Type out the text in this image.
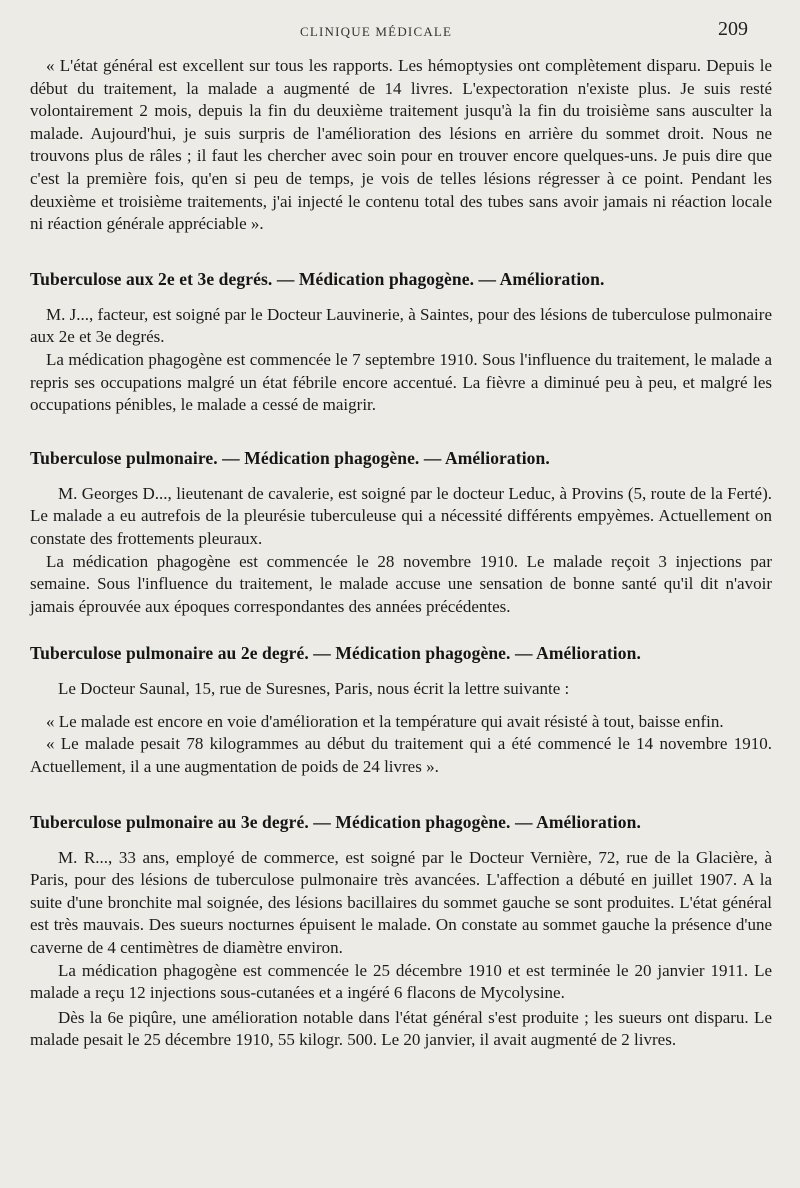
CLINIQUE MÉDICALE	209

« L'état général est excellent sur tous les rapports. Les hémoptysies ont complètement disparu. Depuis le début du traitement, la malade a augmenté de 14 livres. L'expectoration n'existe plus. Je suis resté volontairement 2 mois, depuis la fin du deuxième traitement jusqu'à la fin du troisième sans ausculter la malade. Aujourd'hui, je suis surpris de l'amélioration des lésions en arrière du sommet droit. Nous ne trouvons plus de râles ; il faut les chercher avec soin pour en trouver encore quelques-uns. Je puis dire que c'est la première fois, qu'en si peu de temps, je vois de telles lésions régresser à ce point. Pendant les deuxième et troisième traitements, j'ai injecté le contenu total des tubes sans avoir jamais ni réaction locale ni réaction générale appréciable ».

Tuberculose aux 2e et 3e degrés. — Médication phagogène. — Amélioration.

M. J..., facteur, est soigné par le Docteur Lauvinerie, à Saintes, pour des lésions de tuberculose pulmonaire aux 2e et 3e degrés.

La médication phagogène est commencée le 7 septembre 1910. Sous l'influence du traitement, le malade a repris ses occupations malgré un état fébrile encore accentué. La fièvre a diminué peu à peu, et malgré les occupations pénibles, le malade a cessé de maigrir.

Tuberculose pulmonaire. — Médication phagogène. — Amélioration.

M. Georges D..., lieutenant de cavalerie, est soigné par le docteur Leduc, à Provins (5, route de la Ferté). Le malade a eu autrefois de la pleurésie tuberculeuse qui a nécessité différents empyèmes. Actuellement on constate des frottements pleuraux.

La médication phagogène est commencée le 28 novembre 1910. Le malade reçoit 3 injections par semaine. Sous l'influence du traitement, le malade accuse une sensation de bonne santé qu'il dit n'avoir jamais éprouvée aux époques correspondantes des années précédentes.

Tuberculose pulmonaire au 2e degré. — Médication phagogène. — Amélioration.

Le Docteur Saunal, 15, rue de Suresnes, Paris, nous écrit la lettre suivante :

« Le malade est encore en voie d'amélioration et la température qui avait résisté à tout, baisse enfin.

« Le malade pesait 78 kilogrammes au début du traitement qui a été commencé le 14 novembre 1910. Actuellement, il a une augmentation de poids de 24 livres ».

Tuberculose pulmonaire au 3e degré. — Médication phagogène. — Amélioration.

M. R..., 33 ans, employé de commerce, est soigné par le Docteur Vernière, 72, rue de la Glacière, à Paris, pour des lésions de tuberculose pulmonaire très avancées. L'affection a débuté en juillet 1907. A la suite d'une bronchite mal soignée, des lésions bacillaires du sommet gauche se sont produites. L'état général est très mauvais. Des sueurs nocturnes épuisent le malade. On constate au sommet gauche la présence d'une caverne de 4 centimètres de diamètre environ.

La médication phagogène est commencée le 25 décembre 1910 et est terminée le 20 janvier 1911. Le malade a reçu 12 injections sous-cutanées et a ingéré 6 flacons de Mycolysine.

Dès la 6e piqûre, une amélioration notable dans l'état général s'est produite ; les sueurs ont disparu. Le malade pesait le 25 décembre 1910, 55 kilogr. 500. Le 20 janvier, il avait augmenté de 2 livres.
